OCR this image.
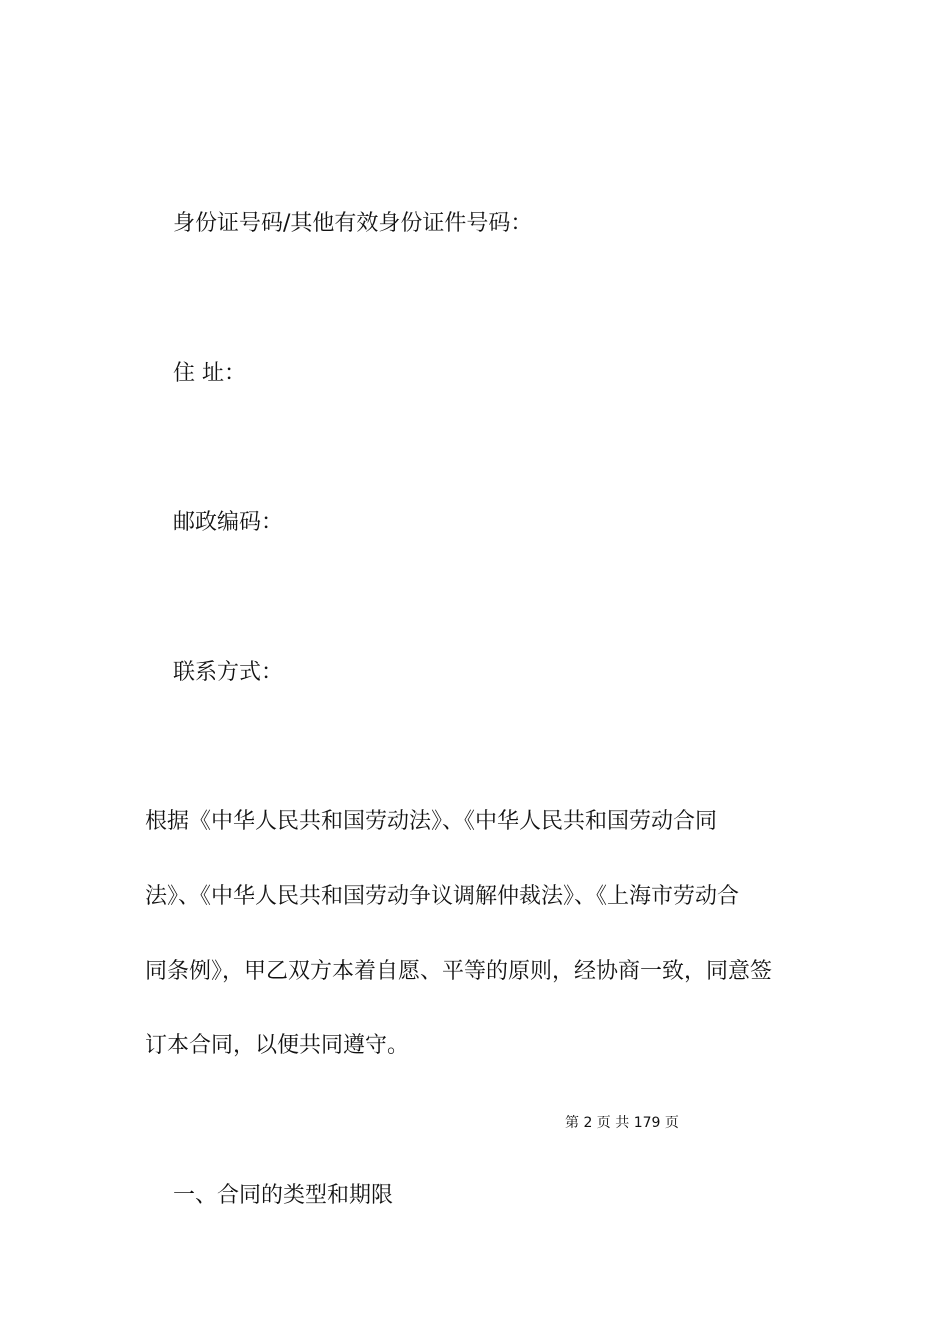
身份证号码/其他有效身份证件号码：
住 址：
邮政编码：
联系方式：
根据《中华人民共和国劳动法》、《中华人民共和国劳动合同
法》、《中华人民共和国劳动争议调解仲裁法》、《上海市劳动合
同条例》，甲乙双方本着自愿、平等的原则，经协商一致，同意签
订本合同，以便共同遵守。
第 2 页 共 179 页
一、合同的类型和期限
